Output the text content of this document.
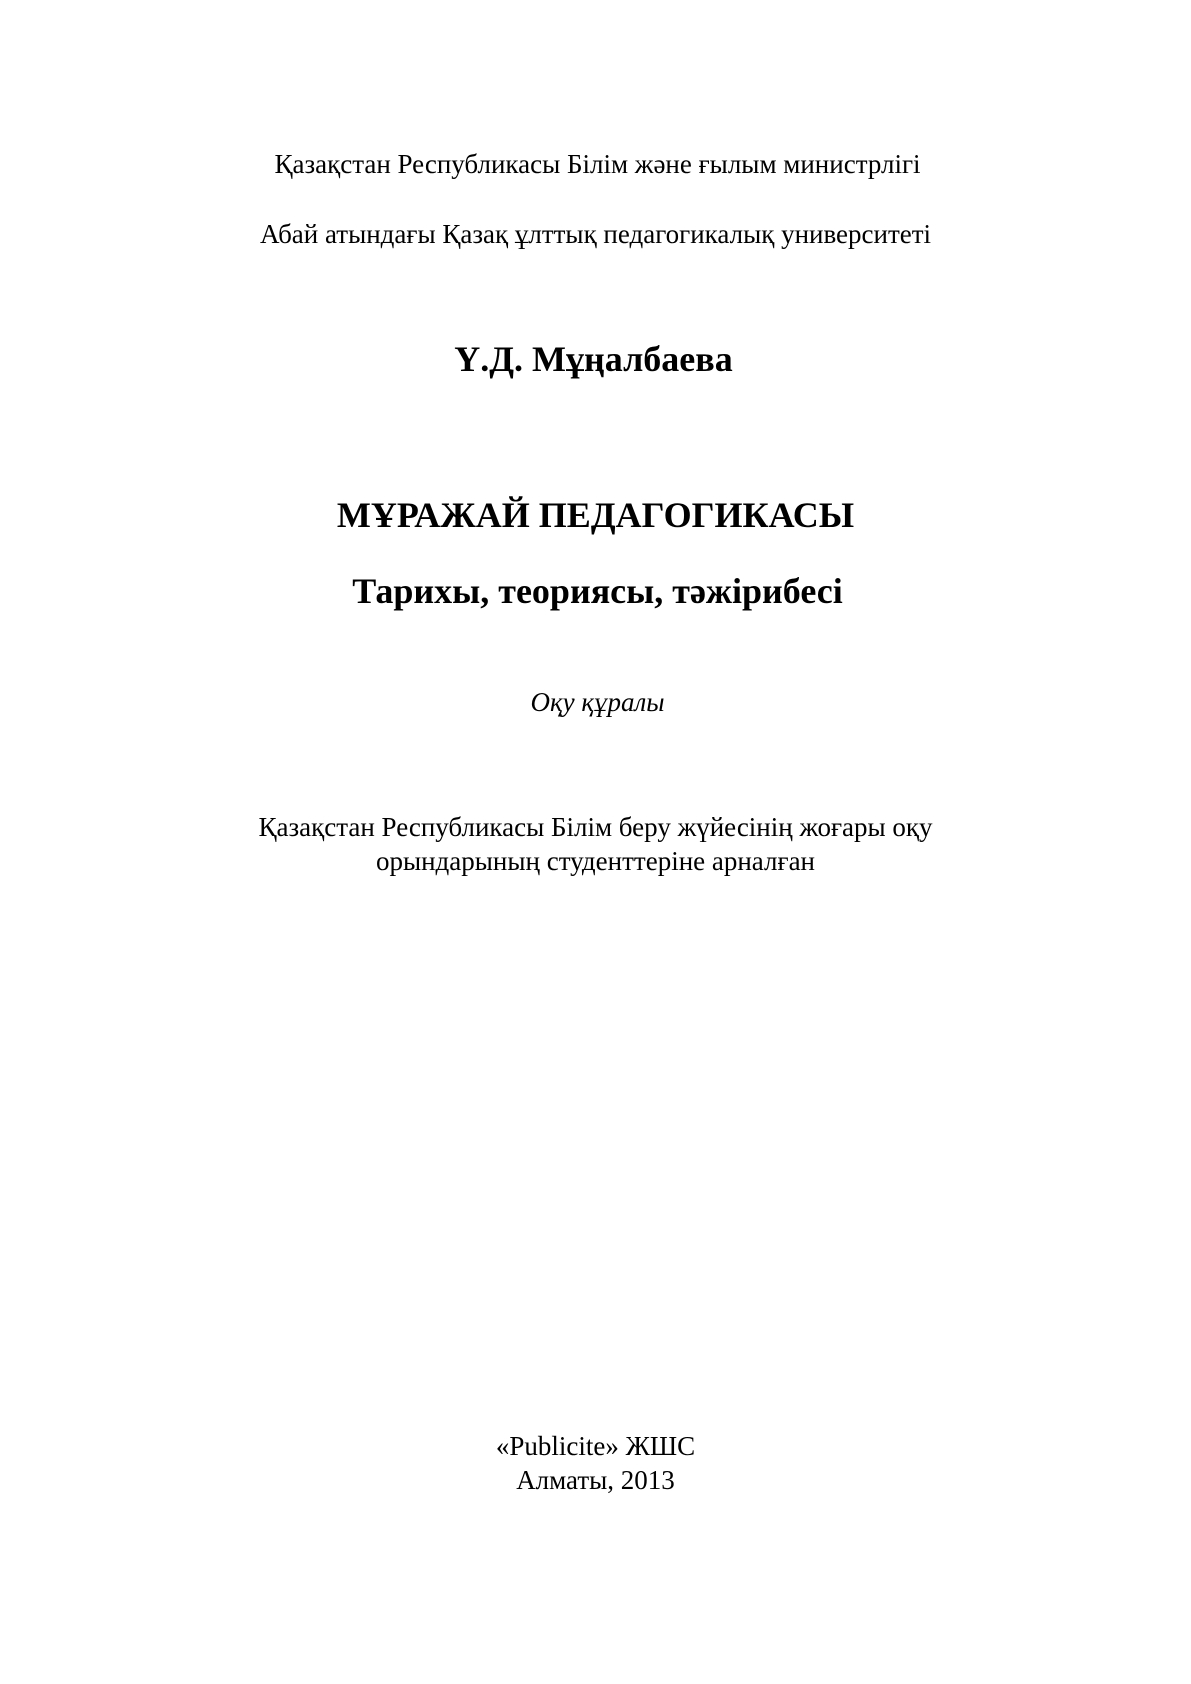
Қазақстан Республикасы Білім және ғылым министрлігі
Абай атындағы Қазақ ұлттық педагогикалық университеті
Ү.Д. Мұңалбаева
МҰРАЖАЙ ПЕДАГОГИКАСЫ
Тарихы, теориясы, тәжірибесі
Оқу құралы
Қазақстан Республикасы Білім беру жүйесінің жоғары оқу
орындарының студенттеріне арналған
«Publicite» ЖШС
Алматы, 2013
